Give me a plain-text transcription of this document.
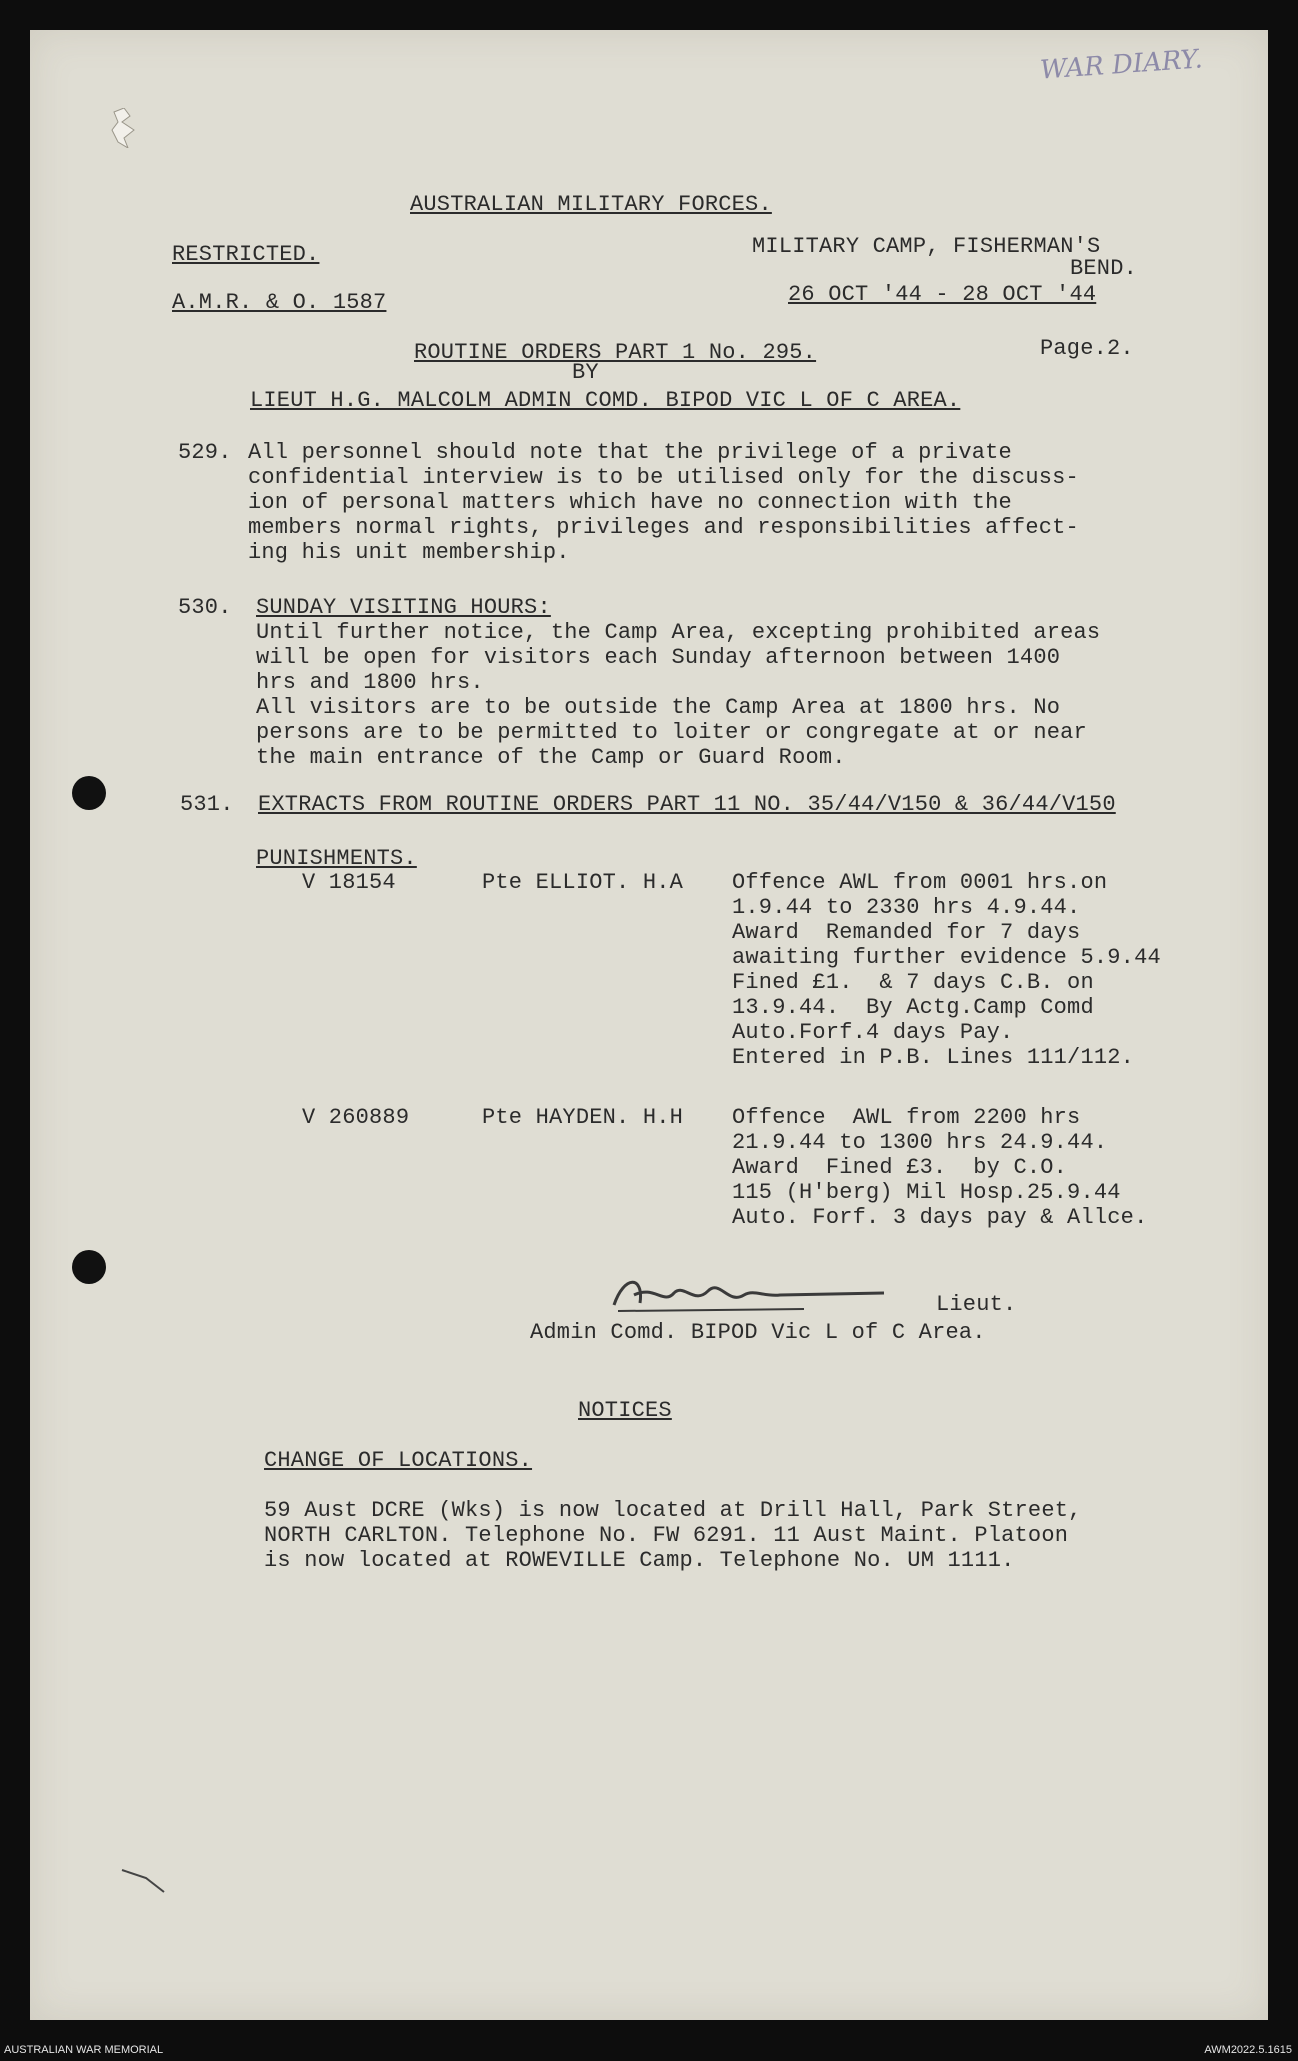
WAR DIARY.
AUSTRALIAN MILITARY FORCES.
RESTRICTED.	MILITARY CAMP, FISHERMAN'S
BEND.
A.M.R. & O. 1587	26 OCT '44 - 28 OCT '44
ROUTINE ORDERS PART 1 No. 295.	Page.2.
BY
LIEUT H.G. MALCOLM ADMIN COMD. BIPOD VIC L OF C AREA.
529. All personnel should note that the privilege of a private
confidential interview is to be utilised only for the discuss-
ion of personal matters which have no connection with the
members normal rights, privileges and responsibilities affect-
ing his unit membership.
530. SUNDAY VISITING HOURS:
Until further notice, the Camp Area, excepting prohibited areas
will be open for visitors each Sunday afternoon between 1400
hrs and 1800 hrs.
All visitors are to be outside the Camp Area at 1800 hrs. No
persons are to be permitted to loiter or congregate at or near
the main entrance of the Camp or Guard Room.
531. EXTRACTS FROM ROUTINE ORDERS PART 11 NO. 35/44/V150 & 36/44/V150
PUNISHMENTS.
V 18154	Pte ELLIOT. H.A Offence AWL from 0001 hrs.on
1.9.44 to 2330 hrs 4.9.44.
Award  Remanded for 7 days
awaiting further evidence 5.9.44
Fined £1.  & 7 days C.B. on
13.9.44.  By Actg.Camp Comd
Auto.Forf.4 days Pay.
Entered in P.B. Lines 111/112.
V 260889	Pte HAYDEN. H.H Offence  AWL from 2200 hrs
21.9.44 to 1300 hrs 24.9.44.
Award  Fined £3.  by C.O.
115 (H'berg) Mil Hosp.25.9.44
Auto. Forf. 3 days pay & Allce.
Lieut.
Admin Comd. BIPOD Vic L of C Area.
NOTICES
CHANGE OF LOCATIONS.
59 Aust DCRE (Wks) is now located at Drill Hall, Park Street,
NORTH CARLTON. Telephone No. FW 6291. 11 Aust Maint. Platoon
is now located at ROWEVILLE Camp. Telephone No. UM 1111.
AUSTRALIAN WAR MEMORIAL	AWM2022.5.1615
